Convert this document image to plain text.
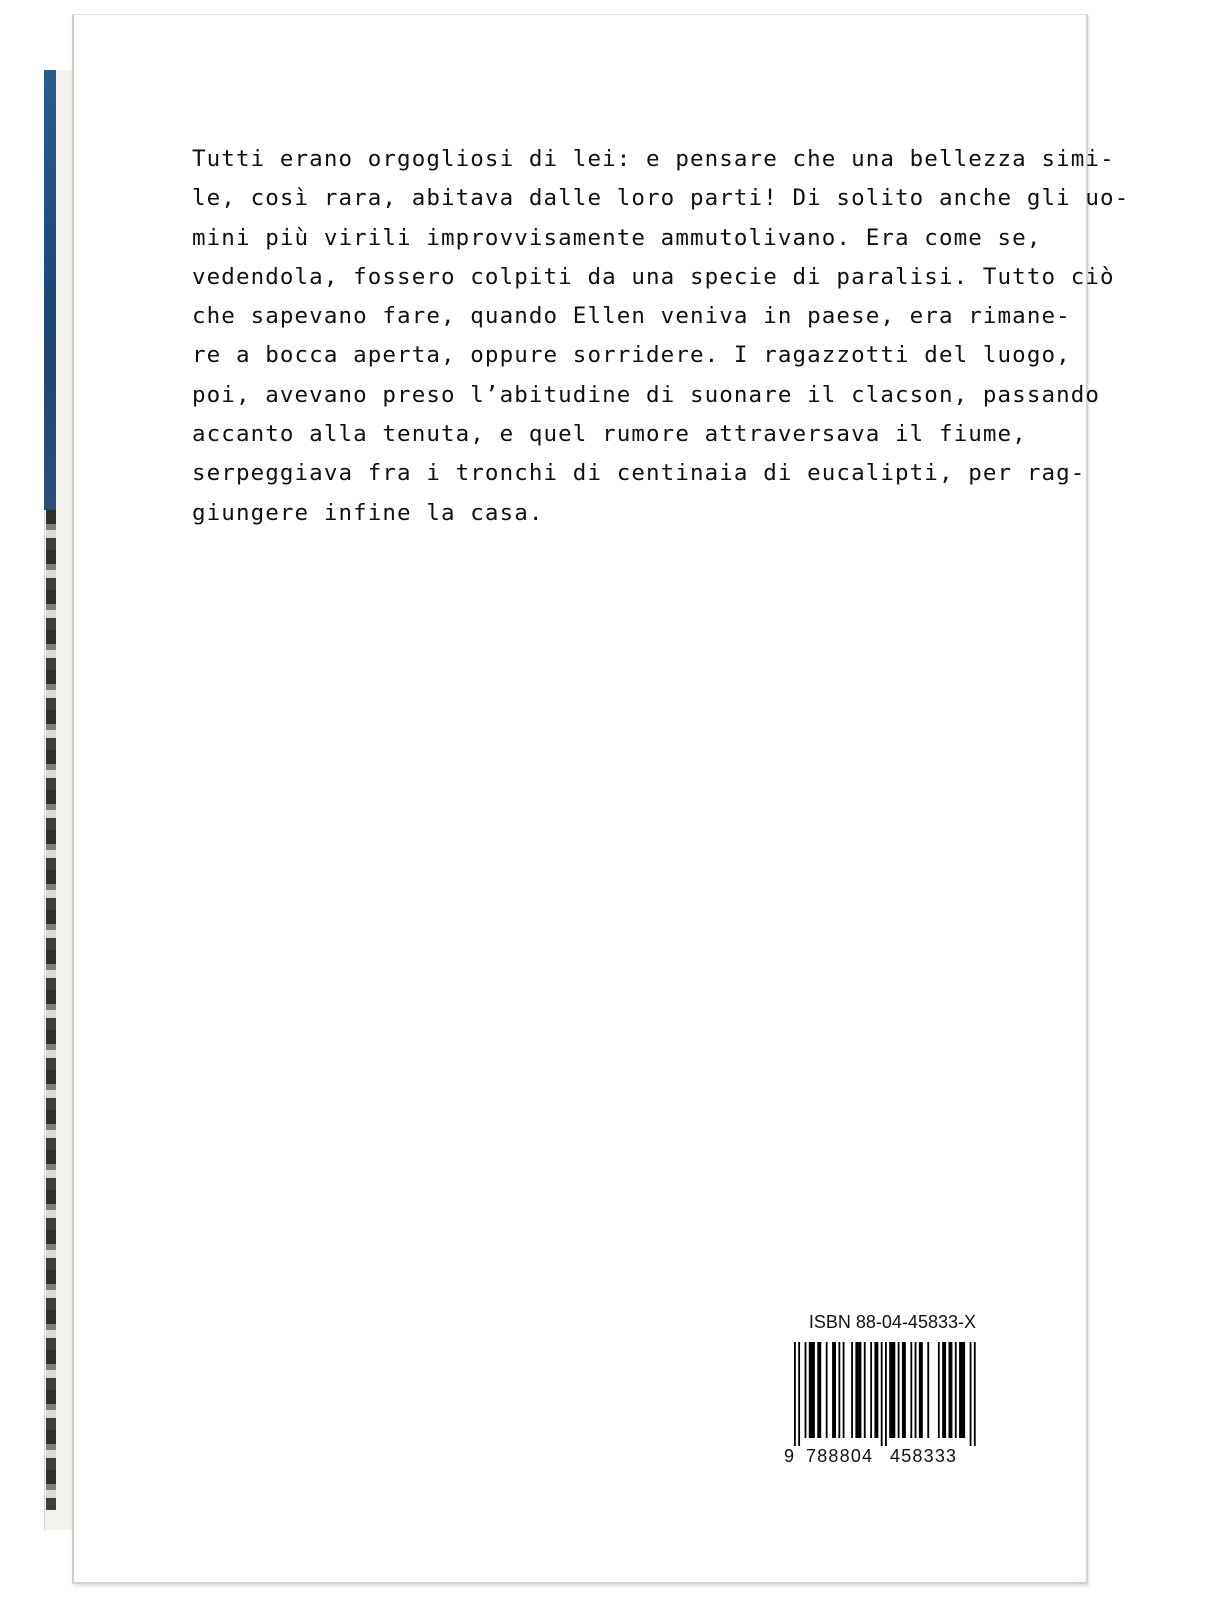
Tutti erano orgogliosi di lei: e pensare che una bellezza simi-
le, così rara, abitava dalle loro parti! Di solito anche gli uo-
mini più virili improvvisamente ammutolivano. Era come se,
vedendola, fossero colpiti da una specie di paralisi. Tutto ciò
che sapevano fare, quando Ellen veniva in paese, era rimane-
re a bocca aperta, oppure sorridere. I ragazzotti del luogo,
poi, avevano preso l’abitudine di suonare il clacson, passando
accanto alla tenuta, e quel rumore attraversava il fiume,
serpeggiava fra i tronchi di centinaia di eucalipti, per rag-
giungere infine la casa.
ISBN 88-04-45833-X
9 788804 458333
